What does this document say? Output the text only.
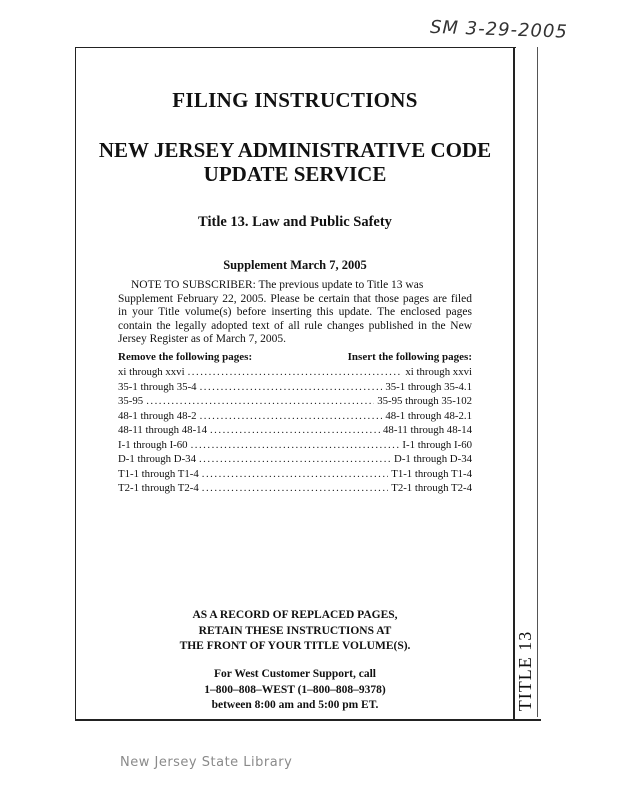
SM 3-29-2005
FILING INSTRUCTIONS
NEW JERSEY ADMINISTRATIVE CODE
UPDATE SERVICE
Title 13. Law and Public Safety
Supplement March 7, 2005
NOTE TO SUBSCRIBER: The previous update to Title 13 was
Supplement February 22, 2005. Please be certain that those pages are filed in your Title volume(s) before inserting this update. The enclosed pages contain the legally adopted text of all rule changes published in the New Jersey Register as of March 7, 2005.
Remove the following pages:	Insert the following pages:
xi through xxvi .....	xi through xxvi
35-1 through 35-4 .....	35-1 through 35-4.1
35-95 .....	35-95 through 35-102
48-1 through 48-2 .....	48-1 through 48-2.1
48-11 through 48-14 .....	48-11 through 48-14
I-1 through I-60 .....	I-1 through I-60
D-1 through D-34 .....	D-1 through D-34
T1-1 through T1-4 .....	T1-1 through T1-4
T2-1 through T2-4 .....	T2-1 through T2-4
AS A RECORD OF REPLACED PAGES,
RETAIN THESE INSTRUCTIONS AT
THE FRONT OF YOUR TITLE VOLUME(S).
For West Customer Support, call
1–800–808–WEST (1–800–808–9378)
between 8:00 am and 5:00 pm ET.	TITLE 13
New Jersey State Library
